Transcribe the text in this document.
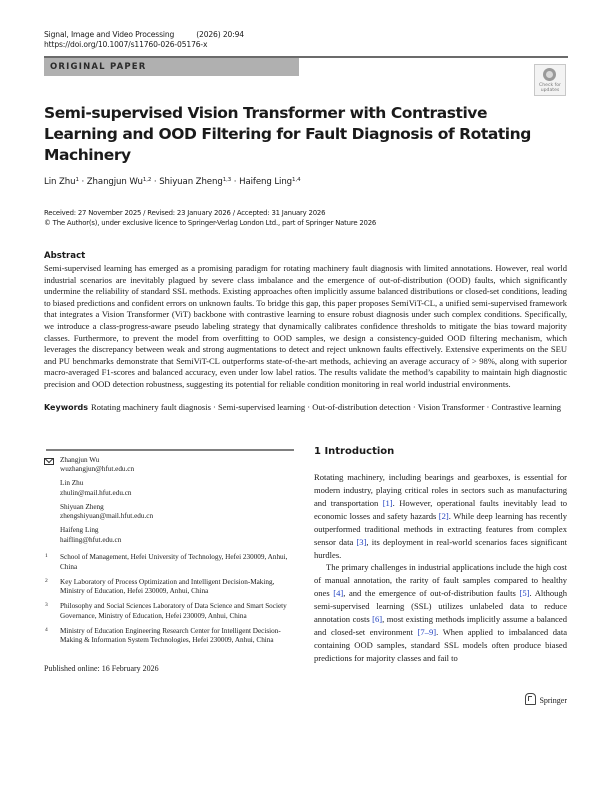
Signal, Image and Video Processing	(2026) 20:94
https://doi.org/10.1007/s11760-026-05176-x
ORIGINAL PAPER
Check for
updates
Semi-supervised Vision Transformer with Contrastive Learning and OOD Filtering for Fault Diagnosis of Rotating Machinery
Lin Zhu$^1$ · Zhangjun Wu$^{1,2}$ · Shiyuan Zheng$^{1,3}$ · Haifeng Ling$^{1,4}$
Received: 27 November 2025 / Revised: 23 January 2026 / Accepted: 31 January 2026
© The Author(s), under exclusive licence to Springer-Verlag London Ltd., part of Springer Nature 2026
Abstract
Semi-supervised learning has emerged as a promising paradigm for rotating machinery fault diagnosis with limited annotations. However, real world industrial scenarios are inevitably plagued by severe class imbalance and the emergence of out-of-distribution (OOD) faults, which significantly undermine the reliability of standard SSL methods. Existing approaches often implicitly assume balanced distributions or closed-set conditions, leading to biased predictions and confident errors on unknown faults. To bridge this gap, this paper proposes SemiViT-CL, a unified semi-supervised framework that integrates a Vision Transformer (ViT) backbone with contrastive learning to ensure robust diagnosis under such complex conditions. Specifically, we introduce a class-progress-aware pseudo labeling strategy that dynamically calibrates confidence thresholds to mitigate the bias toward majority classes. Furthermore, to prevent the model from overfitting to OOD samples, we design a consistency-guided OOD filtering mechanism, which leverages the discrepancy between weak and strong augmentations to detect and reject unknown faults effectively. Extensive experiments on the SEU and PU benchmarks demonstrate that SemiViT-CL outperforms state-of-the-art methods, achieving an average accuracy of > 98%, along with superior macro-averaged F1-scores and balanced accuracy, even under low label ratios. The results validate the method’s capability to maintain high diagnostic precision and OOD detection robustness, suggesting its potential for reliable condition monitoring in real world industrial environments.
Keywords Rotating machinery fault diagnosis · Semi-supervised learning · Out-of-distribution detection · Vision Transformer · Contrastive learning
Zhangjun Wu
wuzhangjun@hfut.edu.cn
Lin Zhu
zhulin@mail.hfut.edu.cn
Shiyuan Zheng
zhengshiyuan@mail.hfut.edu.cn
Haifeng Ling
haifling@hfut.edu.cn
1 School of Management, Hefei University of Technology, Hefei 230009, Anhui, China
2 Key Laboratory of Process Optimization and Intelligent Decision-Making, Ministry of Education, Hefei 230009, Anhui, China
3 Philosophy and Social Sciences Laboratory of Data Science and Smart Society Governance, Ministry of Education, Hefei 230009, Anhui, China
4 Ministry of Education Engineering Research Center for Intelligent Decision-Making & Information System Technologies, Hefei 230009, Anhui, China
Published online: 16 February 2026
1 Introduction

Rotating machinery, including bearings and gearboxes, is essential for modern industry, playing critical roles in sectors such as manufacturing and transportation [1]. However, operational faults inevitably lead to economic losses and safety hazards [2]. While deep learning has recently outperformed traditional methods in extracting features from complex sensor data [3], its deployment in real-world scenarios faces significant hurdles.

The primary challenges in industrial applications include the high cost of manual annotation, the rarity of fault samples compared to healthy ones [4], and the emergence of out-of-distribution faults [5]. Although semi-supervised learning (SSL) utilizes unlabeled data to reduce annotation costs [6], most existing methods implicitly assume a balanced and closed-set environment [7–9]. When applied to imbalanced data containing OOD samples, standard SSL models often produce biased predictions for majority classes and fail to

Springer
